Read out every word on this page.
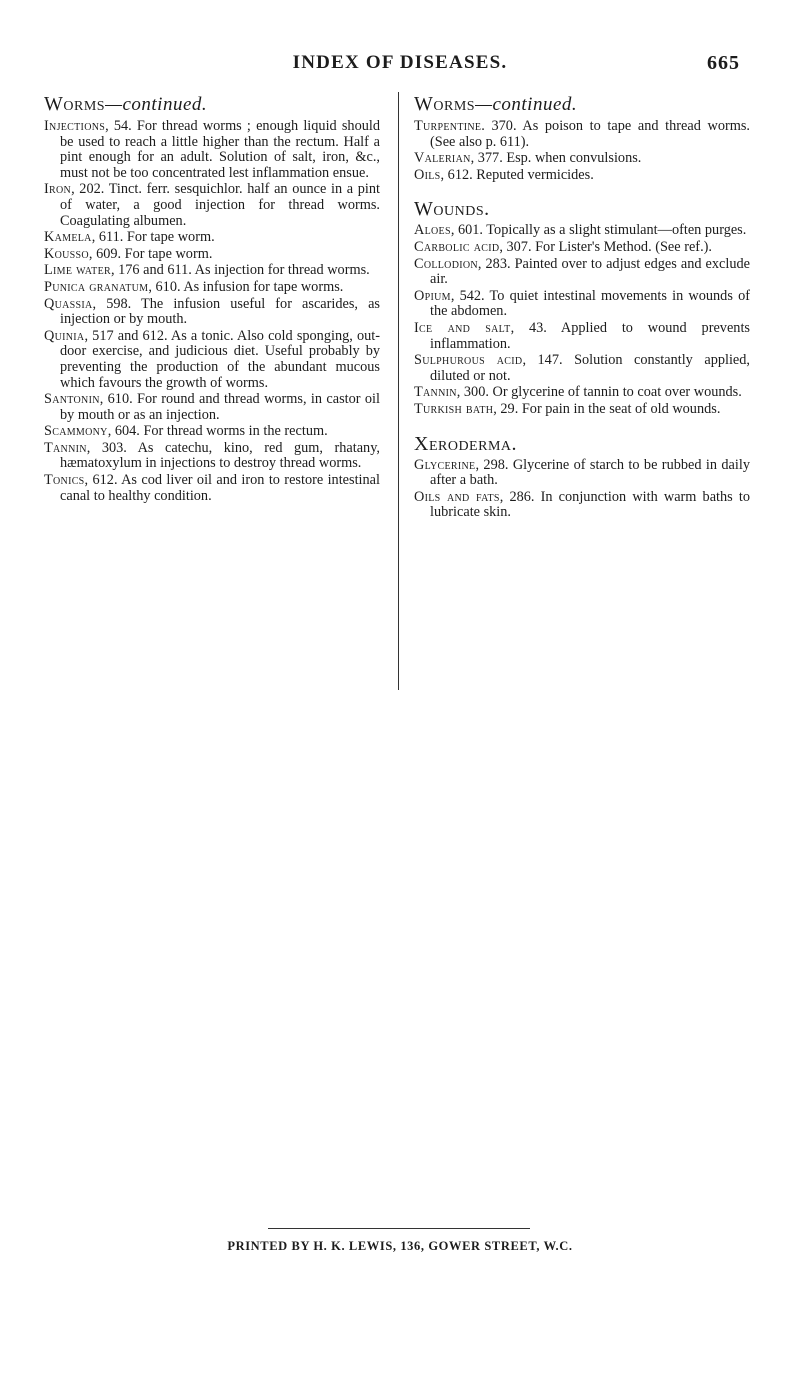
INDEX OF DISEASES.	665
Worms—continued.

Injections, 54. For thread worms ; enough liquid should be used to reach a little higher than the rectum. Half a pint enough for an adult. Solution of salt, iron, &c., must not be too concentrated lest inflammation ensue.

Iron, 202. Tinct. ferr. sesquichlor. half an ounce in a pint of water, a good injection for thread worms. Coagulating albumen.

Kamela, 611. For tape worm.

Kousso, 609. For tape worm.

Lime water, 176 and 611. As injection for thread worms.

Punica granatum, 610. As infusion for tape worms.

Quassia, 598. The infusion useful for ascarides, as injection or by mouth.

Quinia, 517 and 612. As a tonic. Also cold sponging, out-door exercise, and judicious diet. Useful probably by preventing the production of the abundant mucous which favours the growth of worms.

Santonin, 610. For round and thread worms, in castor oil by mouth or as an injection.

Scammony, 604. For thread worms in the rectum.

Tannin, 303. As catechu, kino, red gum, rhatany, hæmatoxylum in injections to destroy thread worms.

Tonics, 612. As cod liver oil and iron to restore intestinal canal to healthy condition.

Worms—continued.

Turpentine. 370. As poison to tape and thread worms. (See also p. 611).

Valerian, 377. Esp. when convulsions.

Oils, 612. Reputed vermicides.

Wounds.

Aloes, 601. Topically as a slight stimulant—often purges.

Carbolic acid, 307. For Lister's Method. (See ref.).

Collodion, 283. Painted over to adjust edges and exclude air.

Opium, 542. To quiet intestinal movements in wounds of the abdomen.

Ice and salt, 43. Applied to wound prevents inflammation.

Sulphurous acid, 147. Solution constantly applied, diluted or not.

Tannin, 300. Or glycerine of tannin to coat over wounds.

Turkish bath, 29. For pain in the seat of old wounds.

Xeroderma.

Glycerine, 298. Glycerine of starch to be rubbed in daily after a bath.

Oils and fats, 286. In conjunction with warm baths to lubricate skin.

PRINTED BY H. K. LEWIS, 136, GOWER STREET, W.C.
